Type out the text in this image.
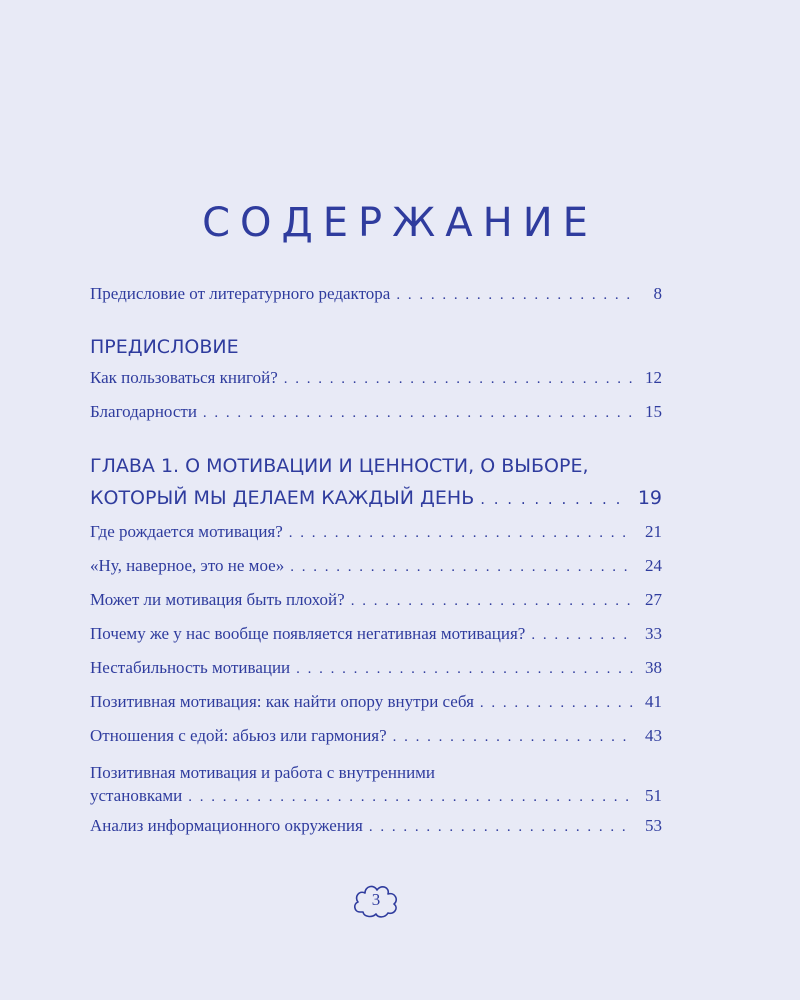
СОДЕРЖАНИЕ
Предисловие от литературного редактора . . .	8
ПРЕДИСЛОВИЕ
Как пользоваться книгой? . . .	12
Благодарности . . .	15
ГЛАВА 1. О МОТИВАЦИИ И ЦЕННОСТИ, О ВЫБОРЕ,
КОТОРЫЙ МЫ ДЕЛАЕМ КАЖДЫЙ ДЕНЬ . . .	19
Где рождается мотивация? . . .	21
«Ну, наверное, это не мое» . . .	24
Может ли мотивация быть плохой? . . .	27
Почему же у нас вообще появляется негативная мотивация? . . .	33
Нестабильность мотивации . . .	38
Позитивная мотивация: как найти опору внутри себя . . .	41
Отношения с едой: абьюз или гармония? . . .	43
Позитивная мотивация и работа с внутренними
установками . . .	51
Анализ информационного окружения . . .	53
3
